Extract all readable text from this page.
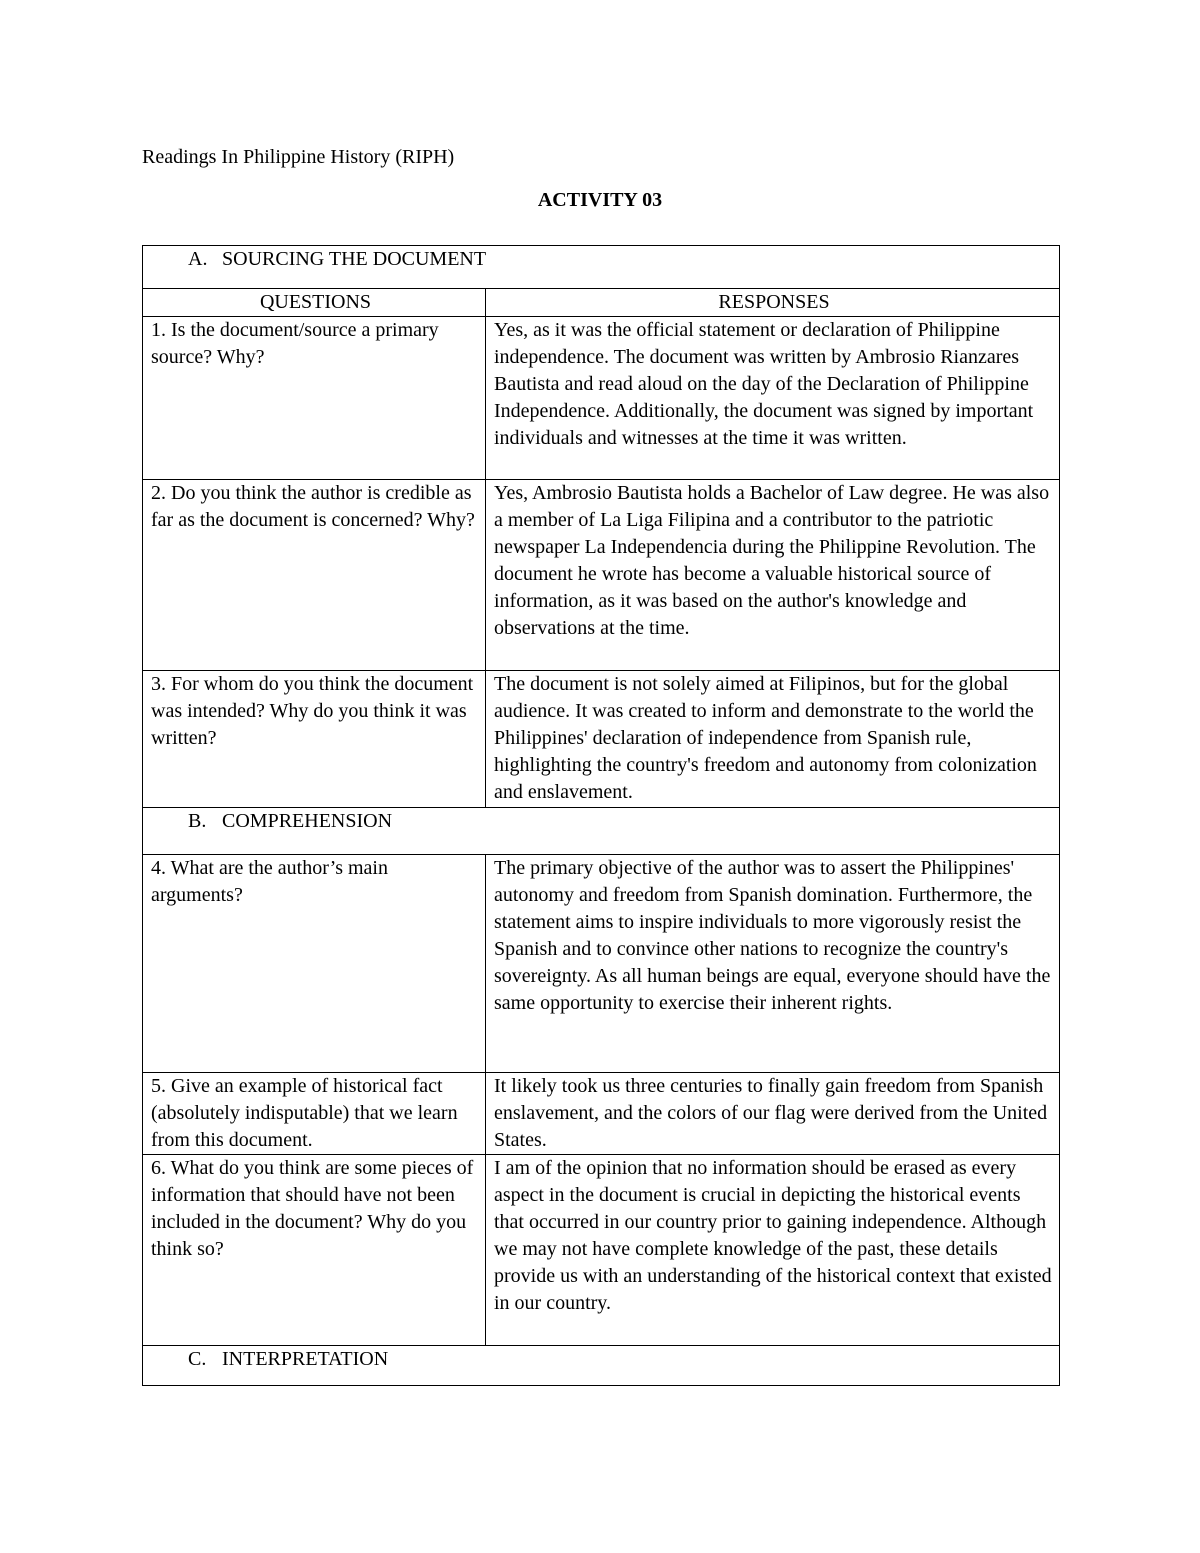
Readings In Philippine History (RIPH)
ACTIVITY 03
A. SOURCING THE DOCUMENT	
QUESTIONS	RESPONSES
1. Is the document/source a primary source? Why?	Yes, as it was the official statement or declaration of Philippine independence. The document was written by Ambrosio Rianzares Bautista and read aloud on the day of the Declaration of Philippine Independence. Additionally, the document was signed by important individuals and witnesses at the time it was written.
2. Do you think the author is credible as far as the document is concerned? Why?	Yes, Ambrosio Bautista holds a Bachelor of Law degree. He was also a member of La Liga Filipina and a contributor to the patriotic newspaper La Independencia during the Philippine Revolution. The document he wrote has become a valuable historical source of information, as it was based on the author's knowledge and observations at the time.
3. For whom do you think the document was intended? Why do you think it was written?	The document is not solely aimed at Filipinos, but for the global audience. It was created to inform and demonstrate to the world the Philippines' declaration of independence from Spanish rule, highlighting the country's freedom and autonomy from colonization and enslavement.
B. COMPREHENSION	
4. What are the author’s main arguments?	The primary objective of the author was to assert the Philippines' autonomy and freedom from Spanish domination. Furthermore, the statement aims to inspire individuals to more vigorously resist the Spanish and to convince other nations to recognize the country's sovereignty. As all human beings are equal, everyone should have the same opportunity to exercise their inherent rights.
5. Give an example of historical fact (absolutely indisputable) that we learn from this document.	It likely took us three centuries to finally gain freedom from Spanish enslavement, and the colors of our flag were derived from the United States.
6. What do you think are some pieces of information that should have not been included in the document? Why do you think so?	I am of the opinion that no information should be erased as every aspect in the document is crucial in depicting the historical events that occurred in our country prior to gaining independence. Although we may not have complete knowledge of the past, these details provide us with an understanding of the historical context that existed in our country.
C. INTERPRETATION	
